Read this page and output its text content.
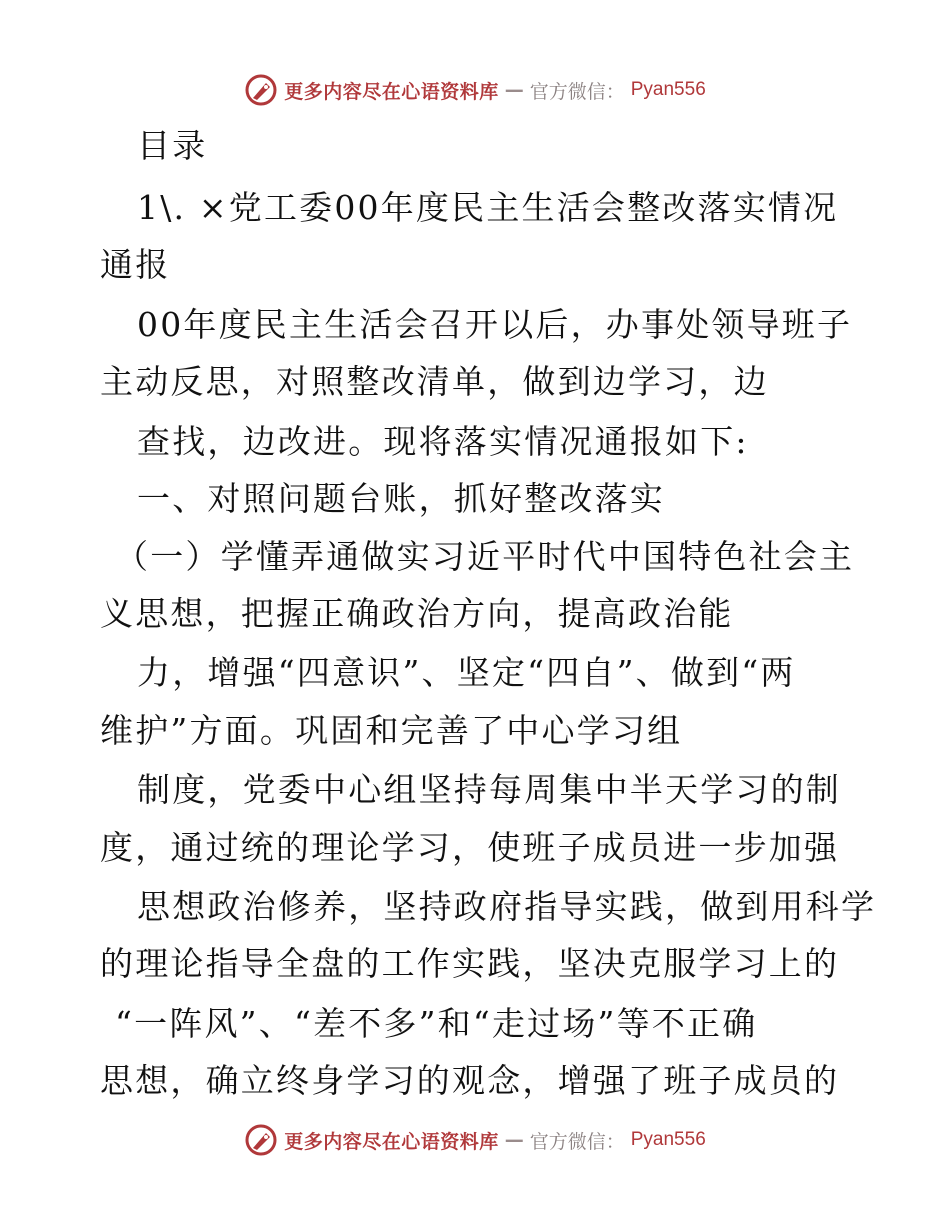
更多内容尽在心语资料库 — 官方微信： Pyan556
目录
1\. ×党工委00年度民主生活会整改落实情况
通报
00年度民主生活会召开以后，办事处领导班子
主动反思，对照整改清单，做到边学习，边
查找，边改进。现将落实情况通报如下:
一、对照问题台账，抓好整改落实
（一）学懂弄通做实习近平时代中国特色社会主
义思想，把握正确政治方向，提高政治能
力，增强“四意识”、坚定“四自”、做到“两
维护”方面。巩固和完善了中心学习组
制度，党委中心组坚持每周集中半天学习的制
度，通过统的理论学习，使班子成员进一步加强
思想政治修养，坚持政府指导实践，做到用科学
的理论指导全盘的工作实践，坚决克服学习上的
“一阵风”、“差不多”和“走过场”等不正确
思想，确立终身学习的观念，增强了班子成员的
更多内容尽在心语资料库 — 官方微信： Pyan556
